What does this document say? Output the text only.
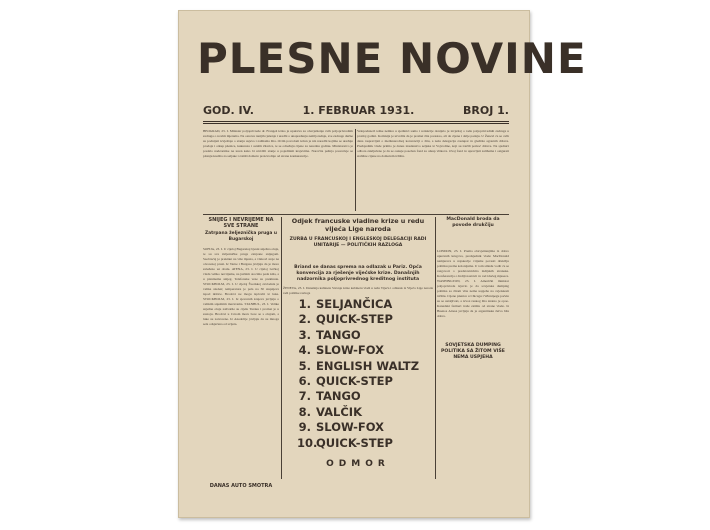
PLESNE NOVINE
GOD. IV.	1. FEBRUAR 1931.	BROJ 1.
BEOGRAD, 23. I. Ministar poljoprivrede dr. Frangeš izdao je uputstva za obavještenje svih poljoprivrednih zadruga o novim mjerama. Na osnovu ranijih rješenja i uredbi o unapređenju zemljoradnje, sve zadruge dužne su podnijeti izvještaje o stanju usjeva i zalihama žita. Ovim povodom izdan je niz naredbi kojima se uređuje prodaja i otkup pšenice, kukuruza i ostalih žitarica, te se određuju cijene za narednu godinu. Ministarstvo je poslalo nadzornike na teren kako bi utvrdili stanje u pojedinim krajevima. Naročita pažnja posvećuje se pitanju kredita za seljake i zaštiti domaće proizvodnje od strane konkurencije.
Velepoduzeći teške nemire u sjedinici samo i redakcije donijelo je izvještaj o radu poljoprivrednih zadruga u prošloj godini. Komisija je utvrdila da je promet žita porastao, ali da cijene i dalje padaju. U Ženevi će se ovih dana raspravljati o međunarodnoj konvenciji o žitu, a naša delegacija zastupat će gledište agrarnih država. Predsjednik vlade primio je danas izaslanstvo seljaka iz Vojvodine, koji su tražili pomoć države. Na sjednici odbora zaključeno je da se osnuje poseban fond za otkup viškova. Ovaj fond će upravljati zalihama i osigurati stabilne cijene na domaćem tržištu.
SNIJEG I NEVRIJEME NA SVE STRANE
Zatrpana željeznička pruga u Bugarskoj
SOFIJA, 23. I. U cijeloj Bugarskoj bjesni snježna oluja, te su sve željezničke pruge zatrpane snijegom. Saobraćaj je prekinut na više mjesta, a vlakovi stoje na otvorenoj pruzi. Iz Varne i Burgasa javljaju da je more zaleđeno uz obalu. ATENA, 23. I. U cijeloj Grčkoj vlada veliko nevrijeme, na južnim otocima pada kiša, a u planinama snijeg. Telefonske veze su prekinute. STOCKHOLM, 23. I. U cijeloj Švedskoj zavladala je velika studen; temperatura je pala na 30 stupnjeva ispod ništice. Brodovi ne mogu isploviti iz luka. STOCKHOLM, 23. I. Iz sjevernih krajeva javljaju o velikim snježnim mećavama. STANBUL, 23. I. Velike snježne oluje zahvatile su cijelu Tursku i promet je u zastoju. Brodovi u Crnom moru bore se s olujom, a luke su zatvorene. Iz Anadolije javljaju da su mnoga sela odsječena od svijeta.
DANAS AUTO SMOTRA
Odjek francuske vladine krize u redu vijeća Lige naroda
ZURBA U FRANCUSKOJ I ENGLESKOJ DELEGACIJI RADI UNITARIJE — POLITIČKIH RAZLOGA
Briand se danas sprema na odlazak u Pariz. Opća konvencija za rješenje vijećske krize. Današnjih nadzornika poljoprivrednog kreditnog instituta
ŽENEVA, 23. I. Današnja kabineta Stavnje krize kabinetu vladi u redu Vijeća i odlazak iz Vijeća Lige naroda radi politike razloga
1. SELJANČICA
2. QUICK-STEP
3. TANGO
4. SLOW-FOX
5. ENGLISH WALTZ
6. QUICK-STEP
7. TANGO
8. VALČIK
9. SLOW-FOX
10.
QUICK-STEP
ODMOR
MacDonald broda da povode drukčiju
LONDON, 23. I. Prema obavještenjima iz dobro upućenih krugova, predsjednik vlade MacDonald namjerava u najskorije vrijeme povesti drukčiju politiku prema kolonijama. U tom smislu vodit će se razgovori s predstavnicima indijskih stranaka. Konferencija o Indiji nastavit će rad idućeg mjeseca. WASHINGTON, 23. I. Američki ministar poljoprivrede izjavio je da sovjetska dumping politika sa žitom više nema uspjeha na svjetskom tržištu. Cijene pšenice u Chicagu i Winnipegu počele su se ustaljivati, a izvoz ruskog žita znatno je opao. Kanadski farmeri traže zaštitu od strane vlade. Iz Buenos Airesa javljaju da je argentinska žetva bila dobra.
SOVJETSKA DUMPING POLITIKA SA ŽITOM VIŠE NEMA USPJEHA
